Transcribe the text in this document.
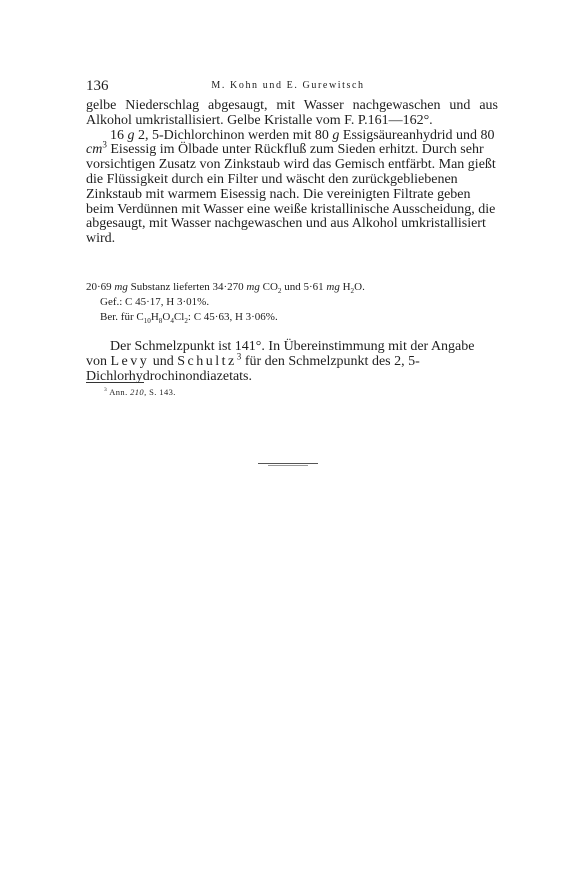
136	M. Kohn und E. Gurewitsch

gelbe Niederschlag abgesaugt, mit Wasser nachgewaschen und aus Alkohol umkristallisiert. Gelbe Kristalle vom F. P.161—162°.

16 g 2, 5-Dichlorchinon werden mit 80 g Essigsäureanhydrid und 80 $cm^3$ Eisessig im Ölbade unter Rückfluß zum Sieden erhitzt. Durch sehr vorsichtigen Zusatz von Zinkstaub wird das Gemisch entfärbt. Man gießt die Flüssigkeit durch ein Filter und wäscht den zurückgebliebenen Zinkstaub mit warmem Eisessig nach. Die vereinigten Filtrate geben beim Verdünnen mit Wasser eine weiße kristallinische Ausscheidung, die abgesaugt, mit Wasser nachgewaschen und aus Alkohol umkristallisiert wird.

20·69 mg Substanz lieferten 34·270 mg $CO_2$ und 5·61 mg $H_2O$.
Gef.: C 45·17, H 3·01%.
Ber. für $C_{10}H_8O_4Cl_2$: C 45·63, H 3·06%.

Der Schmelzpunkt ist 141°. In Übereinstimmung mit der Angabe von Levy und Schultz$^3$ für den Schmelzpunkt des 2, 5-Dichlorhydrochinondiazetats.

$^3$ Ann. 210, S. 143.
